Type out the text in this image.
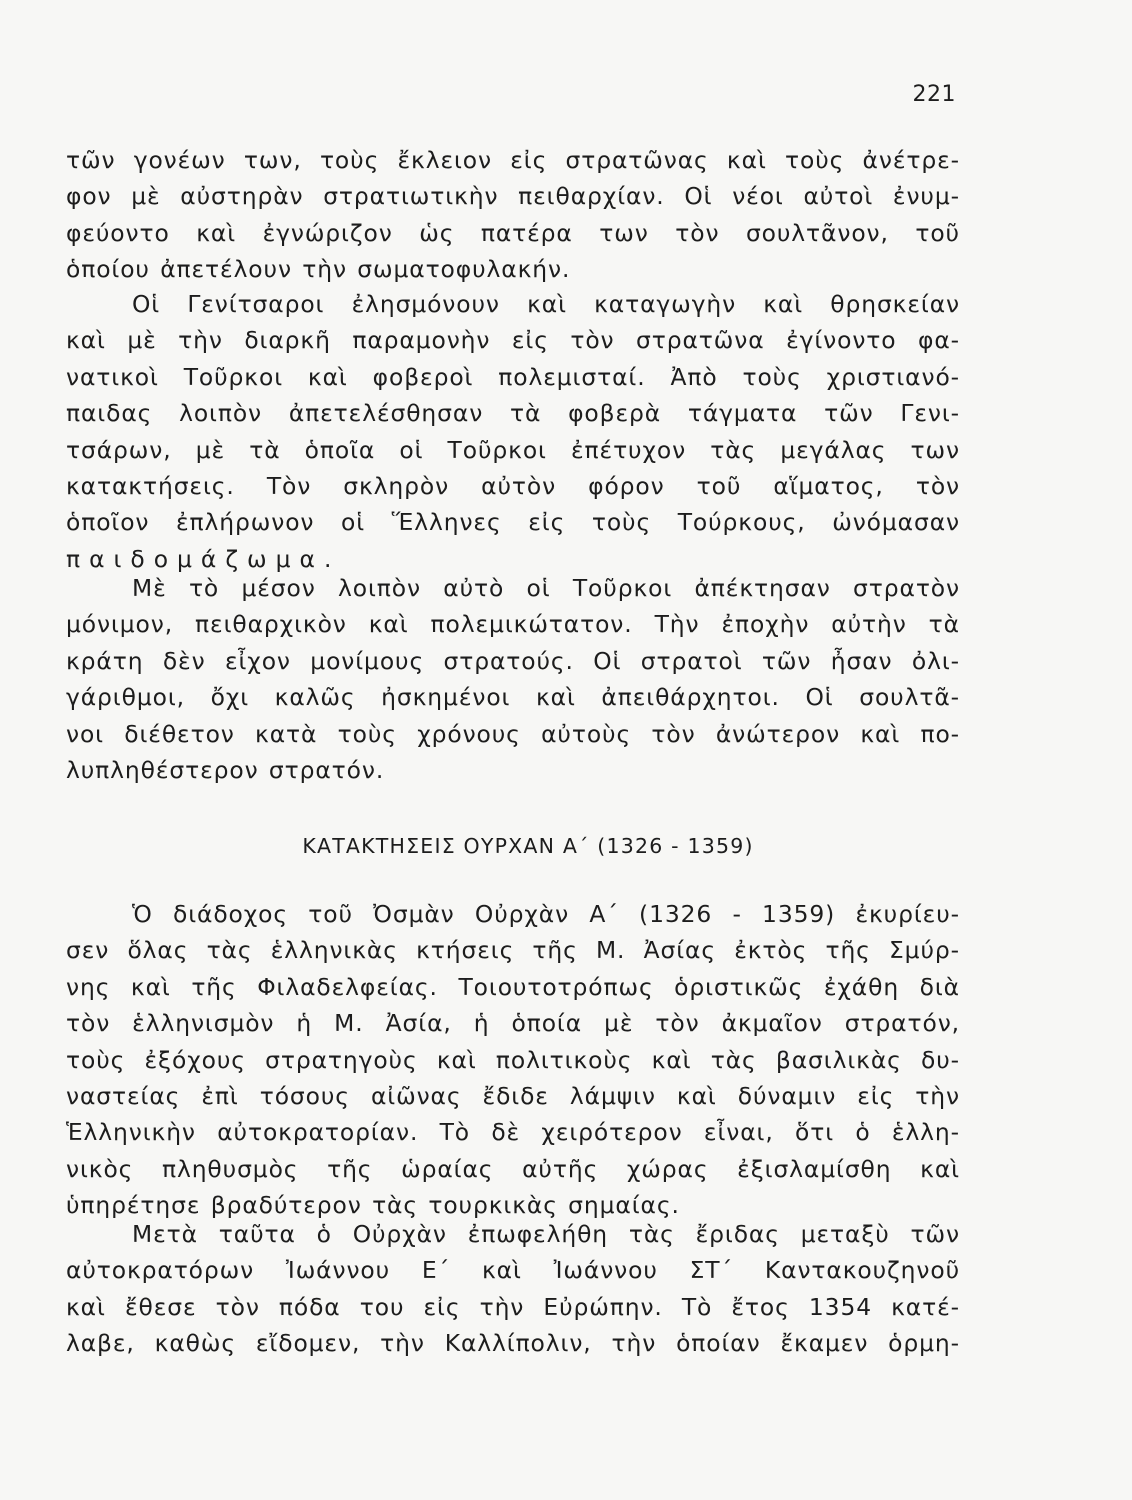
221
τῶν γονέων των, τοὺς ἔκλειον εἰς στρατῶνας καὶ τοὺς ἀνέτρε-
φον μὲ αὐστηρὰν στρατιωτικὴν πειθαρχίαν. Οἱ νέοι αὐτοὶ ἐνυμ-
φεύοντο καὶ ἐγνώριζον ὡς πατέρα των τὸν σουλτᾶνον, τοῦ
ὁποίου ἀπετέλουν τὴν σωματοφυλακήν.
Οἱ Γενίτσαροι ἐλησμόνουν καὶ καταγωγὴν καὶ θρησκείαν
καὶ μὲ τὴν διαρκῆ παραμονὴν εἰς τὸν στρατῶνα ἐγίνοντο φα-
νατικοὶ Τοῦρκοι καὶ φοβεροὶ πολεμισταί. Ἀπὸ τοὺς χριστιανό-
παιδας λοιπὸν ἀπετελέσθησαν τὰ φοβερὰ τάγματα τῶν Γενι-
τσάρων, μὲ τὰ ὁποῖα οἱ Τοῦρκοι ἐπέτυχον τὰς μεγάλας των
κατακτήσεις. Τὸν σκληρὸν αὐτὸν φόρον τοῦ αἵματος, τὸν
ὁποῖον ἐπλήρωνον οἱ Ἕλληνες εἰς τοὺς Τούρκους, ὠνόμασαν
παιδομάζωμα.
Μὲ τὸ μέσον λοιπὸν αὐτὸ οἱ Τοῦρκοι ἀπέκτησαν στρατὸν
μόνιμον, πειθαρχικὸν καὶ πολεμικώτατον. Τὴν ἐποχὴν αὐτὴν τὰ
κράτη δὲν εἶχον μονίμους στρατούς. Οἱ στρατοὶ τῶν ἦσαν ὀλι-
γάριθμοι, ὄχι καλῶς ἠσκημένοι καὶ ἀπειθάρχητοι. Οἱ σουλτᾶ-
νοι διέθετον κατὰ τοὺς χρόνους αὐτοὺς τὸν ἀνώτερον καὶ πο-
λυπληθέστερον στρατόν.
ΚΑΤΑΚΤΗΣΕΙΣ ΟΥΡΧΑΝ Α΄ (1326 - 1359)
Ὁ διάδοχος τοῦ Ὀσμὰν Οὐρχὰν Α΄ (1326 - 1359) ἐκυρίευ-
σεν ὅλας τὰς ἑλληνικὰς κτήσεις τῆς Μ. Ἀσίας ἐκτὸς τῆς Σμύρ-
νης καὶ τῆς Φιλαδελφείας. Τοιουτοτρόπως ὁριστικῶς ἐχάθη διὰ
τὸν ἑλληνισμὸν ἡ Μ. Ἀσία, ἡ ὁποία μὲ τὸν ἀκμαῖον στρατόν,
τοὺς ἐξόχους στρατηγοὺς καὶ πολιτικοὺς καὶ τὰς βασιλικὰς δυ-
ναστείας ἐπὶ τόσους αἰῶνας ἔδιδε λάμψιν καὶ δύναμιν εἰς τὴν
Ἑλληνικὴν αὐτοκρατορίαν. Τὸ δὲ χειρότερον εἶναι, ὅτι ὁ ἑλλη-
νικὸς πληθυσμὸς τῆς ὡραίας αὐτῆς χώρας ἐξισλαμίσθη καὶ
ὑπηρέτησε βραδύτερον τὰς τουρκικὰς σημαίας.
Μετὰ ταῦτα ὁ Οὐρχὰν ἐπωφελήθη τὰς ἔριδας μεταξὺ τῶν
αὐτοκρατόρων Ἰωάννου Ε΄ καὶ Ἰωάννου ΣΤ΄ Καντακουζηνοῦ
καὶ ἔθεσε τὸν πόδα του εἰς τὴν Εὐρώπην. Τὸ ἔτος 1354 κατέ-
λαβε, καθὼς εἴδομεν, τὴν Καλλίπολιν, τὴν ὁποίαν ἔκαμεν ὁρμη-
